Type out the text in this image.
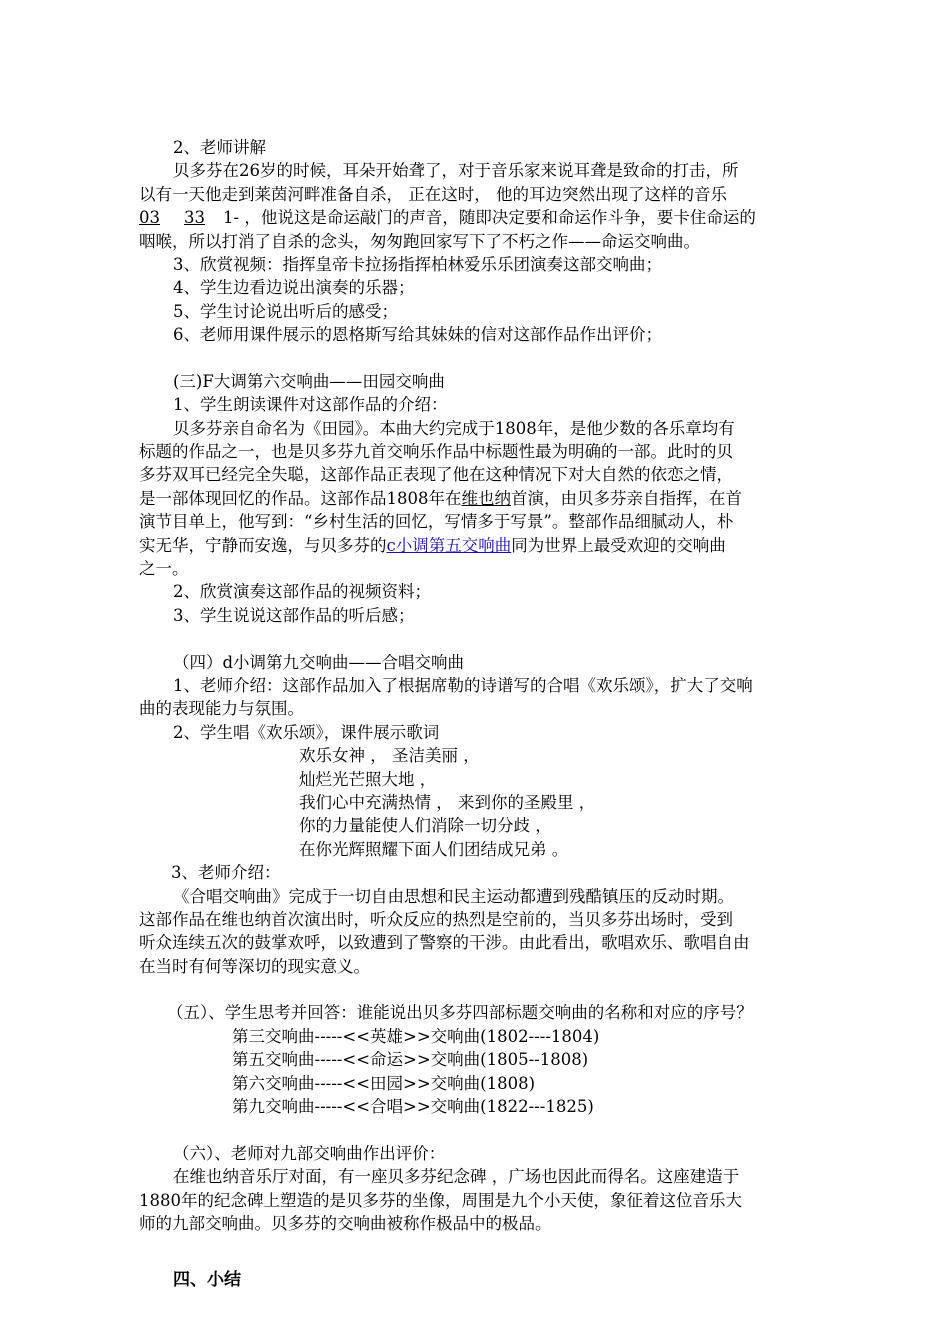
2、老师讲解
贝多芬在26岁的时候，耳朵开始聋了，对于音乐家来说耳聋是致命的打击，所
以有一天他走到莱茵河畔准备自杀， 正在这时， 他的耳边突然出现了这样的音乐
03 33 1- ，他说这是命运敲门的声音，随即决定要和命运作斗争，要卡住命运的
咽喉，所以打消了自杀的念头，匆匆跑回家写下了不朽之作——命运交响曲。
3、欣赏视频：指挥皇帝卡拉扬指挥柏林爱乐乐团演奏这部交响曲；
4、学生边看边说出演奏的乐器；
5、学生讨论说出听后的感受；
6、老师用课件展示的恩格斯写给其妹妹的信对这部作品作出评价；
(三)F大调第六交响曲——田园交响曲
1、学生朗读课件对这部作品的介绍：
贝多芬亲自命名为《田园》。本曲大约完成于1808年，是他少数的各乐章均有
标题的作品之一，也是贝多芬九首交响乐作品中标题性最为明确的一部。此时的贝
多芬双耳已经完全失聪，这部作品正表现了他在这种情况下对大自然的依恋之情，
是一部体现回忆的作品。这部作品1808年在维也纳首演，由贝多芬亲自指挥，在首
演节目单上，他写到：“乡村生活的回忆，写情多于写景”。整部作品细腻动人，朴
实无华，宁静而安逸，与贝多芬的c小调第五交响曲同为世界上最受欢迎的交响曲
之一。
2、欣赏演奏这部作品的视频资料；
3、学生说说这部作品的听后感；
（四）d小调第九交响曲——合唱交响曲
1、老师介绍：这部作品加入了根据席勒的诗谱写的合唱《欢乐颂》，扩大了交响
曲的表现能力与氛围。
2、学生唱《欢乐颂》，课件展示歌词
欢乐女神 ， 圣洁美丽 ，
灿烂光芒照大地 ，
我们心中充满热情 ， 来到你的圣殿里 ，
你的力量能使人们消除一切分歧 ，
在你光辉照耀下面人们团结成兄弟 。
3、老师介绍：
《合唱交响曲》完成于一切自由思想和民主运动都遭到残酷镇压的反动时期。
这部作品在维也纳首次演出时，听众反应的热烈是空前的，当贝多芬出场时，受到
听众连续五次的鼓掌欢呼，以致遭到了警察的干涉。由此看出，歌唱欢乐、歌唱自由
在当时有何等深切的现实意义。
（五）、学生思考并回答：谁能说出贝多芬四部标题交响曲的名称和对应的序号？
第三交响曲-----<<英雄>>交响曲(1802----1804)
第五交响曲-----<<命运>>交响曲(1805--1808)
第六交响曲-----<<田园>>交响曲(1808)
第九交响曲-----<<合唱>>交响曲(1822---1825)
（六）、老师对九部交响曲作出评价：
在维也纳音乐厅对面，有一座贝多芬纪念碑 ，广场也因此而得名。这座建造于
1880年的纪念碑上塑造的是贝多芬的坐像，周围是九个小天使，象征着这位音乐大
师的九部交响曲。贝多芬的交响曲被称作极品中的极品。
四、小结
